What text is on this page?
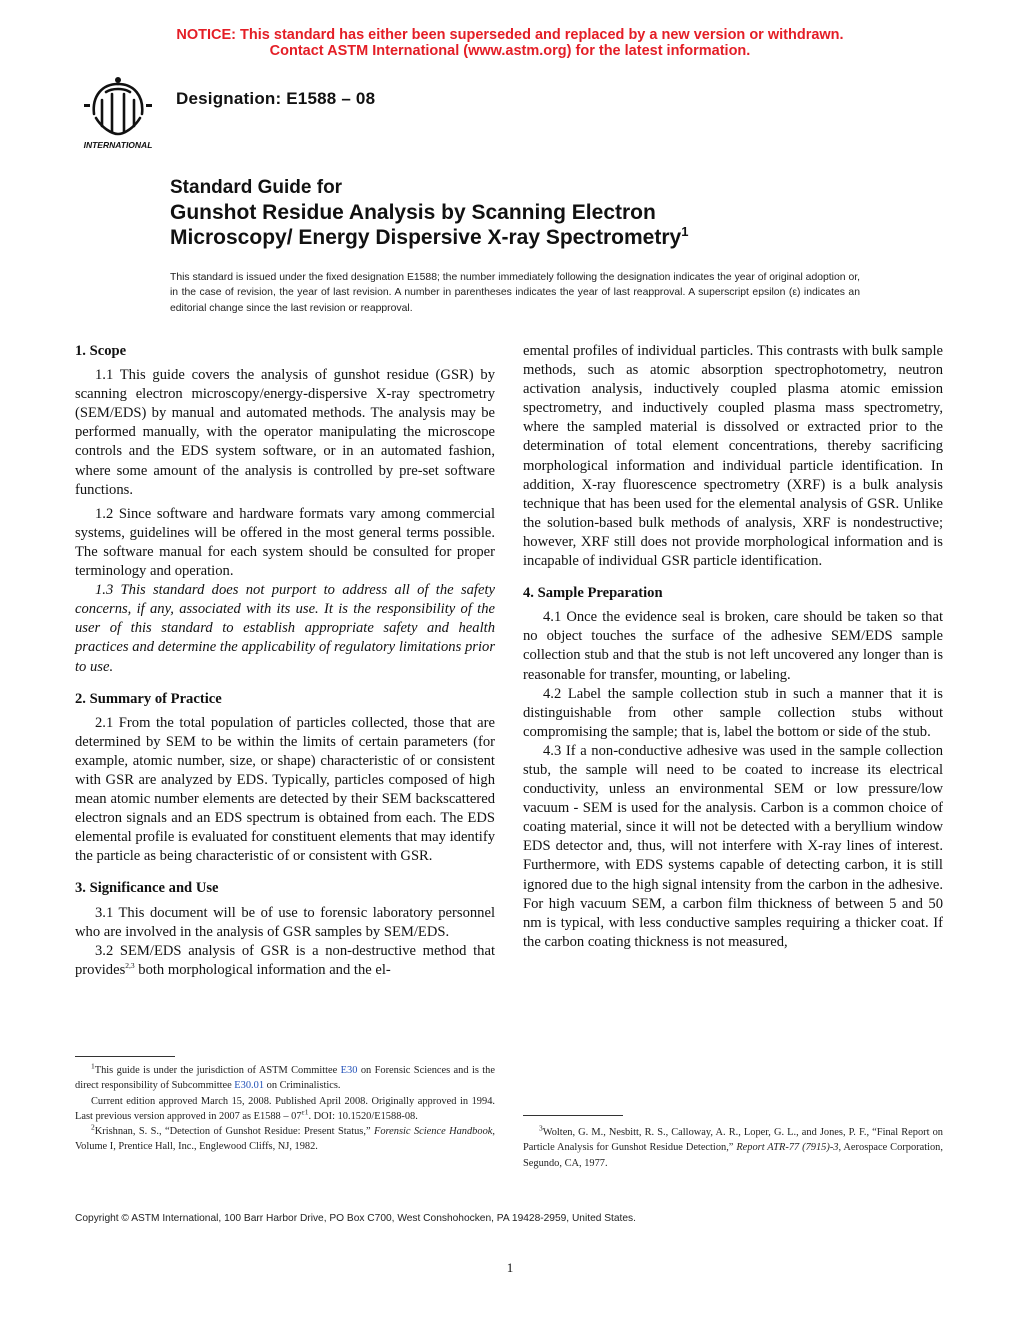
NOTICE: This standard has either been superseded and replaced by a new version or withdrawn.
Contact ASTM International (www.astm.org) for the latest information.
INTERNATIONAL
Designation: E1588 – 08
Standard Guide for
Gunshot Residue Analysis by Scanning Electron
Microscopy/ Energy Dispersive X-ray Spectrometry$^1$
This standard is issued under the fixed designation E1588; the number immediately following the designation indicates the year of original adoption or, in the case of revision, the year of last revision. A number in parentheses indicates the year of last reapproval. A superscript epsilon (ε) indicates an editorial change since the last revision or reapproval.
1. Scope

1.1 This guide covers the analysis of gunshot residue (GSR) by scanning electron microscopy/energy-dispersive X-ray spectrometry (SEM/EDS) by manual and automated methods. The analysis may be performed manually, with the operator manipulating the microscope controls and the EDS system software, or in an automated fashion, where some amount of the analysis is controlled by pre-set software functions.

1.2 Since software and hardware formats vary among commercial systems, guidelines will be offered in the most general terms possible. The software manual for each system should be consulted for proper terminology and operation.

1.3 This standard does not purport to address all of the safety concerns, if any, associated with its use. It is the responsibility of the user of this standard to establish appropriate safety and health practices and determine the applicability of regulatory limitations prior to use.

2. Summary of Practice

2.1 From the total population of particles collected, those that are determined by SEM to be within the limits of certain parameters (for example, atomic number, size, or shape) characteristic of or consistent with GSR are analyzed by EDS. Typically, particles composed of high mean atomic number elements are detected by their SEM backscattered electron signals and an EDS spectrum is obtained from each. The EDS elemental profile is evaluated for constituent elements that may identify the particle as being characteristic of or consistent with GSR.

3. Significance and Use

3.1 This document will be of use to forensic laboratory personnel who are involved in the analysis of GSR samples by SEM/EDS.

3.2 SEM/EDS analysis of GSR is a non-destructive method that provides$^{2,3}$ both morphological information and the el-

emental profiles of individual particles. This contrasts with bulk sample methods, such as atomic absorption spectrophotometry, neutron activation analysis, inductively coupled plasma atomic emission spectrometry, and inductively coupled plasma mass spectrometry, where the sampled material is dissolved or extracted prior to the determination of total element concentrations, thereby sacrificing morphological information and individual particle identification. In addition, X-ray fluorescence spectrometry (XRF) is a bulk analysis technique that has been used for the elemental analysis of GSR. Unlike the solution-based bulk methods of analysis, XRF is nondestructive; however, XRF still does not provide morphological information and is incapable of individual GSR particle identification.

4. Sample Preparation

4.1 Once the evidence seal is broken, care should be taken so that no object touches the surface of the adhesive SEM/EDS sample collection stub and that the stub is not left uncovered any longer than is reasonable for transfer, mounting, or labeling.

4.2 Label the sample collection stub in such a manner that it is distinguishable from other sample collection stubs without compromising the sample; that is, label the bottom or side of the stub.

4.3 If a non-conductive adhesive was used in the sample collection stub, the sample will need to be coated to increase its electrical conductivity, unless an environmental SEM or low pressure/low vacuum - SEM is used for the analysis. Carbon is a common choice of coating material, since it will not be detected with a beryllium window EDS detector and, thus, will not interfere with X-ray lines of interest. Furthermore, with EDS systems capable of detecting carbon, it is still ignored due to the high signal intensity from the carbon in the adhesive. For high vacuum SEM, a carbon film thickness of between 5 and 50 nm is typical, with less conductive samples requiring a thicker coat. If the carbon coating thickness is not measured,

$^1$This guide is under the jurisdiction of ASTM Committee E30 on Forensic Sciences and is the direct responsibility of Subcommittee E30.01 on Criminalistics.

Current edition approved March 15, 2008. Published April 2008. Originally approved in 1994. Last previous version approved in 2007 as E1588 – 07$^{\varepsilon 1}$. DOI: 10.1520/E1588-08.

$^2$Krishnan, S. S., “Detection of Gunshot Residue: Present Status,” Forensic Science Handbook, Volume I, Prentice Hall, Inc., Englewood Cliffs, NJ, 1982.

$^3$Wolten, G. M., Nesbitt, R. S., Calloway, A. R., Loper, G. L., and Jones, P. F., “Final Report on Particle Analysis for Gunshot Residue Detection,” Report ATR-77 (7915)-3, Aerospace Corporation, Segundo, CA, 1977.

Copyright © ASTM International, 100 Barr Harbor Drive, PO Box C700, West Conshohocken, PA 19428-2959, United States.
1
